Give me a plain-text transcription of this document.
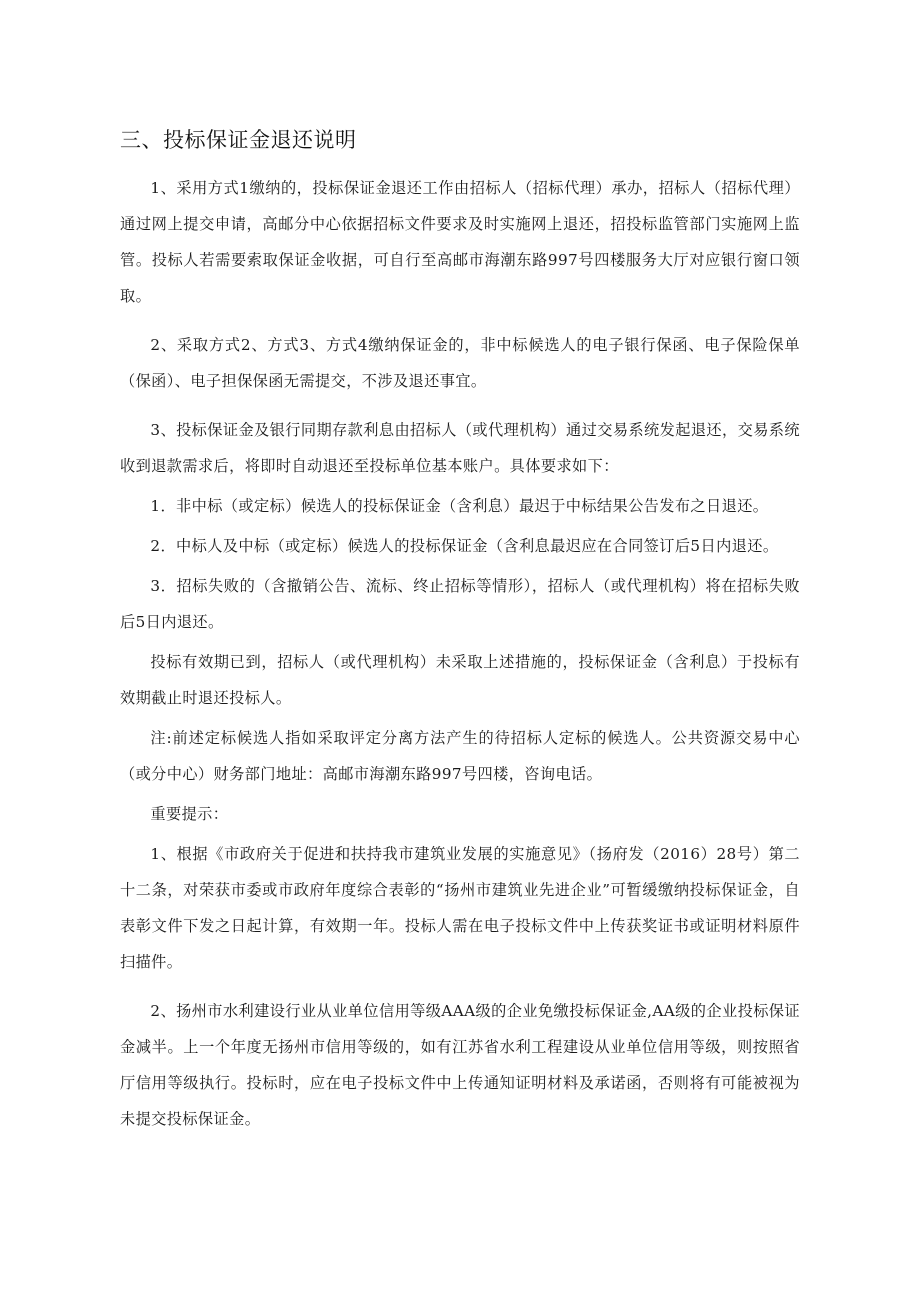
三、投标保证金退还说明

1、采用方式1缴纳的，投标保证金退还工作由招标人（招标代理）承办，招标人（招标代理）通过网上提交申请，高邮分中心依据招标文件要求及时实施网上退还，招投标监管部门实施网上监管。投标人若需要索取保证金收据，可自行至高邮市海潮东路997号四楼服务大厅对应银行窗口领取。

2、采取方式2、方式3、方式4缴纳保证金的，非中标候选人的电子银行保函、电子保险保单（保函）、电子担保保函无需提交，不涉及退还事宜。

3、投标保证金及银行同期存款利息由招标人（或代理机构）通过交易系统发起退还，交易系统收到退款需求后，将即时自动退还至投标单位基本账户。具体要求如下：

1．非中标（或定标）候选人的投标保证金（含利息）最迟于中标结果公告发布之日退还。

2．中标人及中标（或定标）候选人的投标保证金（含利息最迟应在合同签订后5日内退还。

3．招标失败的（含撤销公告、流标、终止招标等情形），招标人（或代理机构）将在招标失败后5日内退还。

投标有效期已到，招标人（或代理机构）未采取上述措施的，投标保证金（含利息）于投标有效期截止时退还投标人。

注:前述定标候选人指如采取评定分离方法产生的待招标人定标的候选人。公共资源交易中心（或分中心）财务部门地址：高邮市海潮东路997号四楼，咨询电话。

重要提示：

1、根据《市政府关于促进和扶持我市建筑业发展的实施意见》（扬府发（2016）28号）第二十二条，对荣获市委或市政府年度综合表彰的“扬州市建筑业先进企业”可暂缓缴纳投标保证金，自表彰文件下发之日起计算，有效期一年。投标人需在电子投标文件中上传获奖证书或证明材料原件扫描件。

2、扬州市水利建设行业从业单位信用等级AAA级的企业免缴投标保证金,AA级的企业投标保证金减半。上一个年度无扬州市信用等级的，如有江苏省水利工程建设从业单位信用等级，则按照省厅信用等级执行。投标时，应在电子投标文件中上传通知证明材料及承诺函，否则将有可能被视为未提交投标保证金。
